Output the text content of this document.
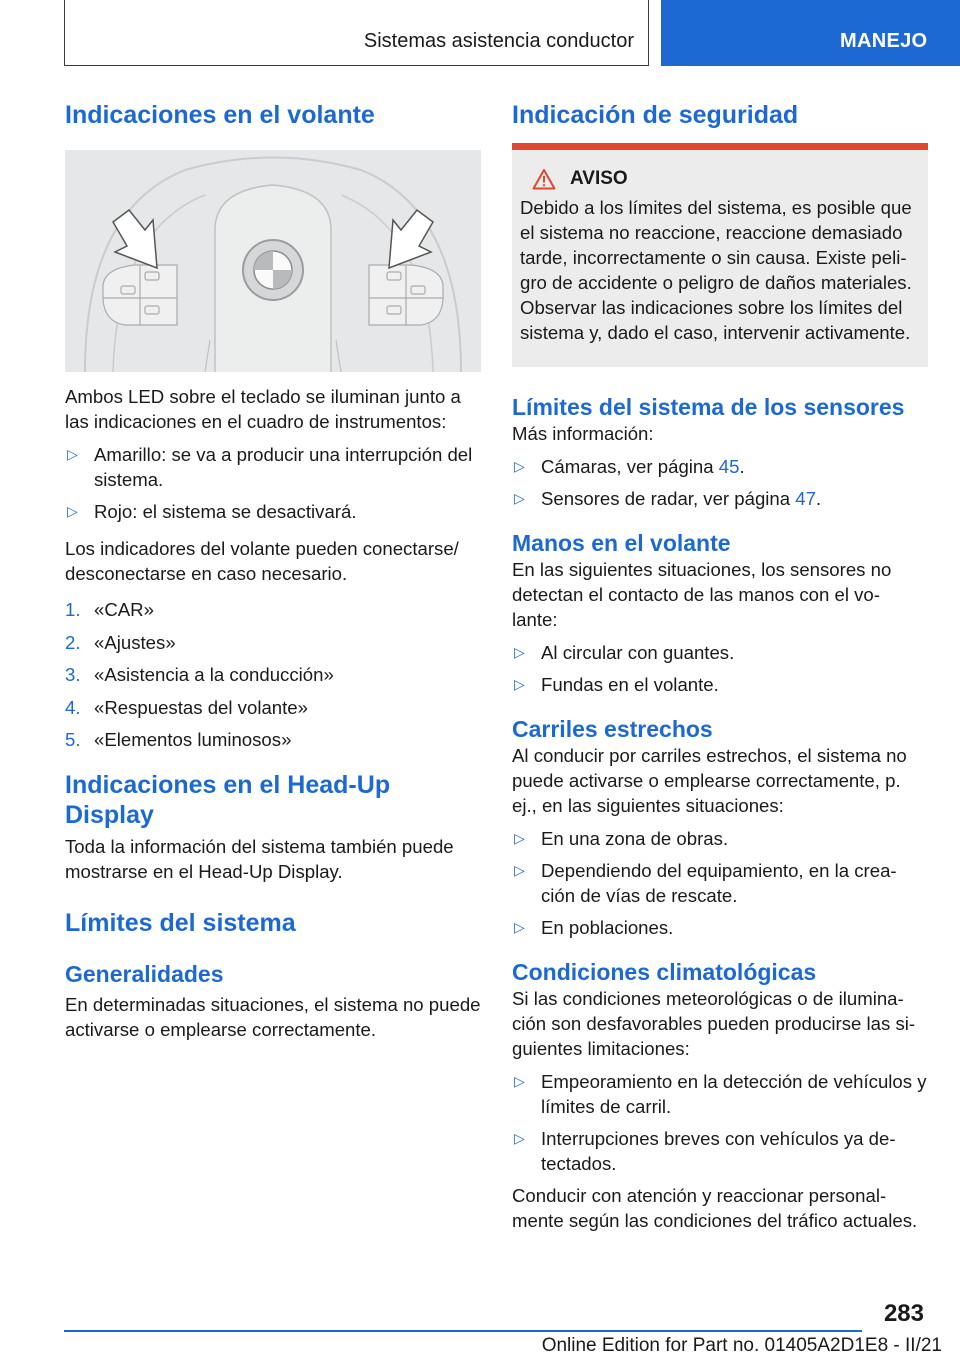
Sistemas asistencia conductor	MANEJO
Indicaciones en el volante

Ambos LED sobre el teclado se iluminan junto a las indicaciones en el cuadro de instrumentos:

▷ Amarillo: se va a producir una interrupción del sistema.
▷ Rojo: el sistema se desactivará.

Los indicadores del volante pueden conectarse/ desconectarse en caso necesario.

1. «CAR»
2. «Ajustes»
3. «Asistencia a la conducción»
4. «Respuestas del volante»
5. «Elementos luminosos»
Indicaciones en el Head-Up Display

Toda la información del sistema también puede mostrarse en el Head-Up Display.

Límites del sistema
Generalidades

En determinadas situaciones, el sistema no puede activarse o emplearse correctamente.

Indicación de seguridad
AVISO

Debido a los límites del sistema, es posible que el sistema no reaccione, reaccione demasiado tarde, incorrectamente o sin causa. Existe peli- gro de accidente o peligro de daños materiales. Observar las indicaciones sobre los límites del sistema y, dado el caso, intervenir activamente.

Límites del sistema de los sensores

Más información:

▷ Cámaras, ver página 45.
▷ Sensores de radar, ver página 47.
Manos en el volante

En las siguientes situaciones, los sensores no detectan el contacto de las manos con el vo- lante:

▷ Al circular con guantes.
▷ Fundas en el volante.
Carriles estrechos

Al conducir por carriles estrechos, el sistema no puede activarse o emplearse correctamente, p. ej., en las siguientes situaciones:

▷ En una zona de obras.
▷ Dependiendo del equipamiento, en la crea- ción de vías de rescate.
▷ En poblaciones.
Condiciones climatológicas

Si las condiciones meteorológicas o de ilumina- ción son desfavorables pueden producirse las si- guientes limitaciones:

▷ Empeoramiento en la detección de vehículos y límites de carril.
▷ Interrupciones breves con vehículos ya de- tectados.

Conducir con atención y reaccionar personal- mente según las condiciones del tráfico actuales.

283
Online Edition for Part no. 01405A2D1E8 - II/21
